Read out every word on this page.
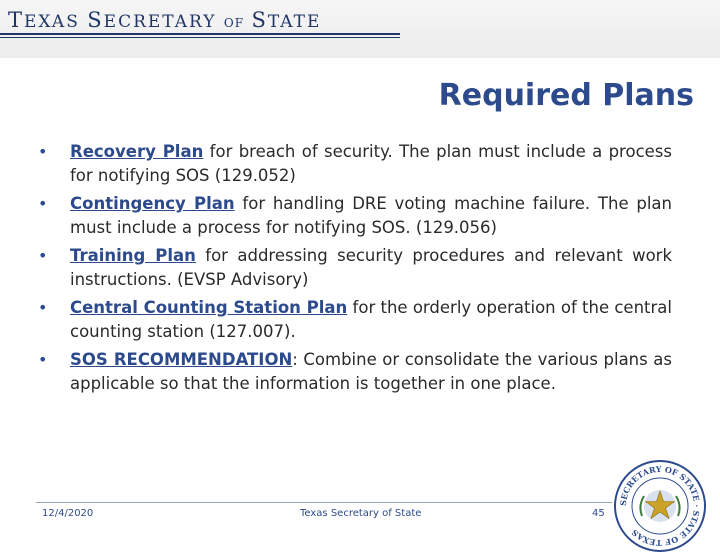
TEXAS SECRETARY OF STATE
Required Plans
• Recovery Plan for breach of security. The plan must include a process for notifying SOS (129.052)
• Contingency Plan for handling DRE voting machine failure. The plan must include a process for notifying SOS. (129.056)
• Training Plan for addressing security procedures and relevant work instructions. (EVSP Advisory)
• Central Counting Station Plan for the orderly operation of the central counting station (127.007).
• SOS RECOMMENDATION: Combine or consolidate the various plans as applicable so that the information is together in one place.
12/4/2020	Texas Secretary of State	45
SECRETARY OF STATE · STATE OF TEXAS
